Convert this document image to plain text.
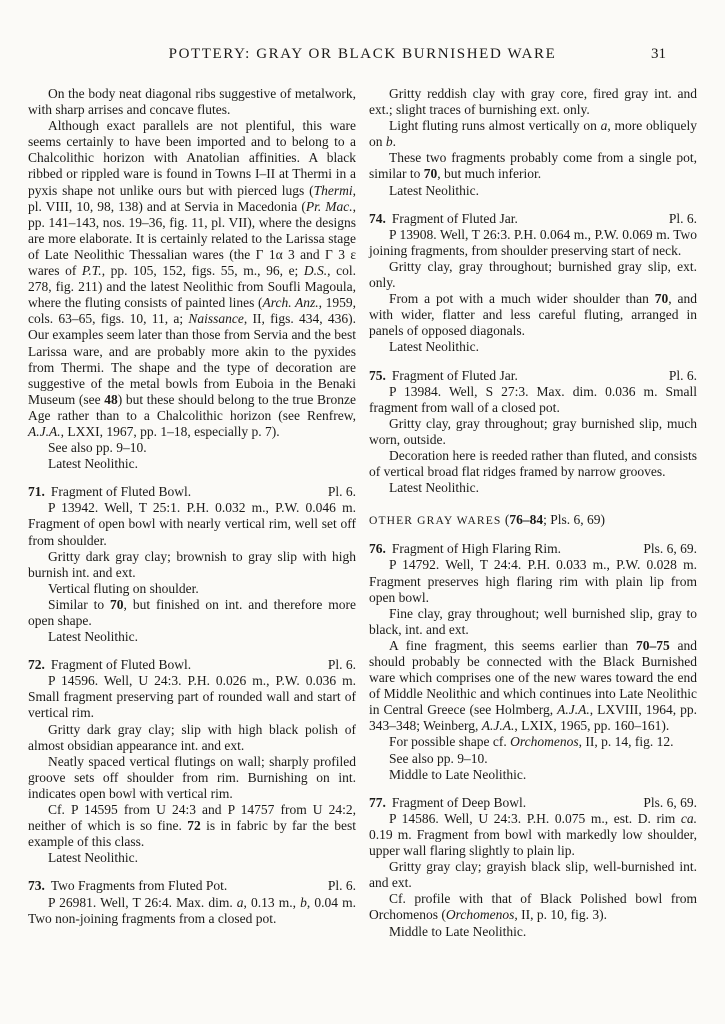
POTTERY: GRAY OR BLACK BURNISHED WARE	31

On the body neat diagonal ribs suggestive of metalwork, with sharp arrises and concave flutes.

Although exact parallels are not plentiful, this ware seems certainly to have been imported and to belong to a Chalcolithic horizon with Anatolian affinities. A black ribbed or rippled ware is found in Towns I–II at Thermi in a pyxis shape not unlike ours but with pierced lugs (Thermi, pl. VIII, 10, 98, 138) and at Servia in Macedonia (Pr. Mac., pp. 141–143, nos. 19–36, fig. 11, pl. VII), where the designs are more elaborate. It is certainly related to the Larissa stage of Late Neolithic Thessalian wares (the Γ 1α 3 and Γ 3 ε wares of P.T., pp. 105, 152, figs. 55, m., 96, e; D.S., col. 278, fig. 211) and the latest Neolithic from Soufli Magoula, where the fluting consists of painted lines (Arch. Anz., 1959, cols. 63–65, figs. 10, 11, a; Naissance, II, figs. 434, 436). Our examples seem later than those from Servia and the best Larissa ware, and are probably more akin to the pyxides from Thermi. The shape and the type of decoration are suggestive of the metal bowls from Euboia in the Benaki Museum (see 48) but these should belong to the true Bronze Age rather than to a Chalcolithic horizon (see Renfrew, A.J.A., LXXI, 1967, pp. 1–18, especially p. 7).

See also pp. 9–10.

Latest Neolithic.

71. Fragment of Fluted Bowl.	Pl. 6.

P 13942. Well, T 25:1. P.H. 0.032 m., P.W. 0.046 m. Fragment of open bowl with nearly vertical rim, well set off from shoulder.

Gritty dark gray clay; brownish to gray slip with high burnish int. and ext.

Vertical fluting on shoulder.

Similar to 70, but finished on int. and therefore more open shape.

Latest Neolithic.

72. Fragment of Fluted Bowl.	Pl. 6.

P 14596. Well, U 24:3. P.H. 0.026 m., P.W. 0.036 m. Small fragment preserving part of rounded wall and start of vertical rim.

Gritty dark gray clay; slip with high black polish of almost obsidian appearance int. and ext.

Neatly spaced vertical flutings on wall; sharply profiled groove sets off shoulder from rim. Burnishing on int. indicates open bowl with vertical rim.

Cf. P 14595 from U 24:3 and P 14757 from U 24:2, neither of which is so fine. 72 is in fabric by far the best example of this class.

Latest Neolithic.

73. Two Fragments from Fluted Pot.	Pl. 6.

P 26981. Well, T 26:4. Max. dim. a, 0.13 m., b, 0.04 m. Two non-joining fragments from a closed pot.

Gritty reddish clay with gray core, fired gray int. and ext.; slight traces of burnishing ext. only.

Light fluting runs almost vertically on a, more obliquely on b.

These two fragments probably come from a single pot, similar to 70, but much inferior.

Latest Neolithic.

74. Fragment of Fluted Jar.	Pl. 6.

P 13908. Well, T 26:3. P.H. 0.064 m., P.W. 0.069 m. Two joining fragments, from shoulder preserving start of neck.

Gritty clay, gray throughout; burnished gray slip, ext. only.

From a pot with a much wider shoulder than 70, and with wider, flatter and less careful fluting, arranged in panels of opposed diagonals.

Latest Neolithic.

75. Fragment of Fluted Jar.	Pl. 6.

P 13984. Well, S 27:3. Max. dim. 0.036 m. Small fragment from wall of a closed pot.

Gritty clay, gray throughout; gray burnished slip, much worn, outside.

Decoration here is reeded rather than fluted, and consists of vertical broad flat ridges framed by narrow grooves.

Latest Neolithic.

OTHER GRAY WARES (76–84; Pls. 6, 69)
76. Fragment of High Flaring Rim.	Pls. 6, 69.

P 14792. Well, T 24:4. P.H. 0.033 m., P.W. 0.028 m. Fragment preserves high flaring rim with plain lip from open bowl.

Fine clay, gray throughout; well burnished slip, gray to black, int. and ext.

A fine fragment, this seems earlier than 70–75 and should probably be connected with the Black Burnished ware which comprises one of the new wares toward the end of Middle Neolithic and which continues into Late Neolithic in Central Greece (see Holmberg, A.J.A., LXVIII, 1964, pp. 343–348; Weinberg, A.J.A., LXIX, 1965, pp. 160–161).

For possible shape cf. Orchomenos, II, p. 14, fig. 12.

See also pp. 9–10.

Middle to Late Neolithic.

77. Fragment of Deep Bowl.	Pls. 6, 69.

P 14586. Well, U 24:3. P.H. 0.075 m., est. D. rim ca. 0.19 m. Fragment from bowl with markedly low shoulder, upper wall flaring slightly to plain lip.

Gritty gray clay; grayish black slip, well-burnished int. and ext.

Cf. profile with that of Black Polished bowl from Orchomenos (Orchomenos, II, p. 10, fig. 3).

Middle to Late Neolithic.
